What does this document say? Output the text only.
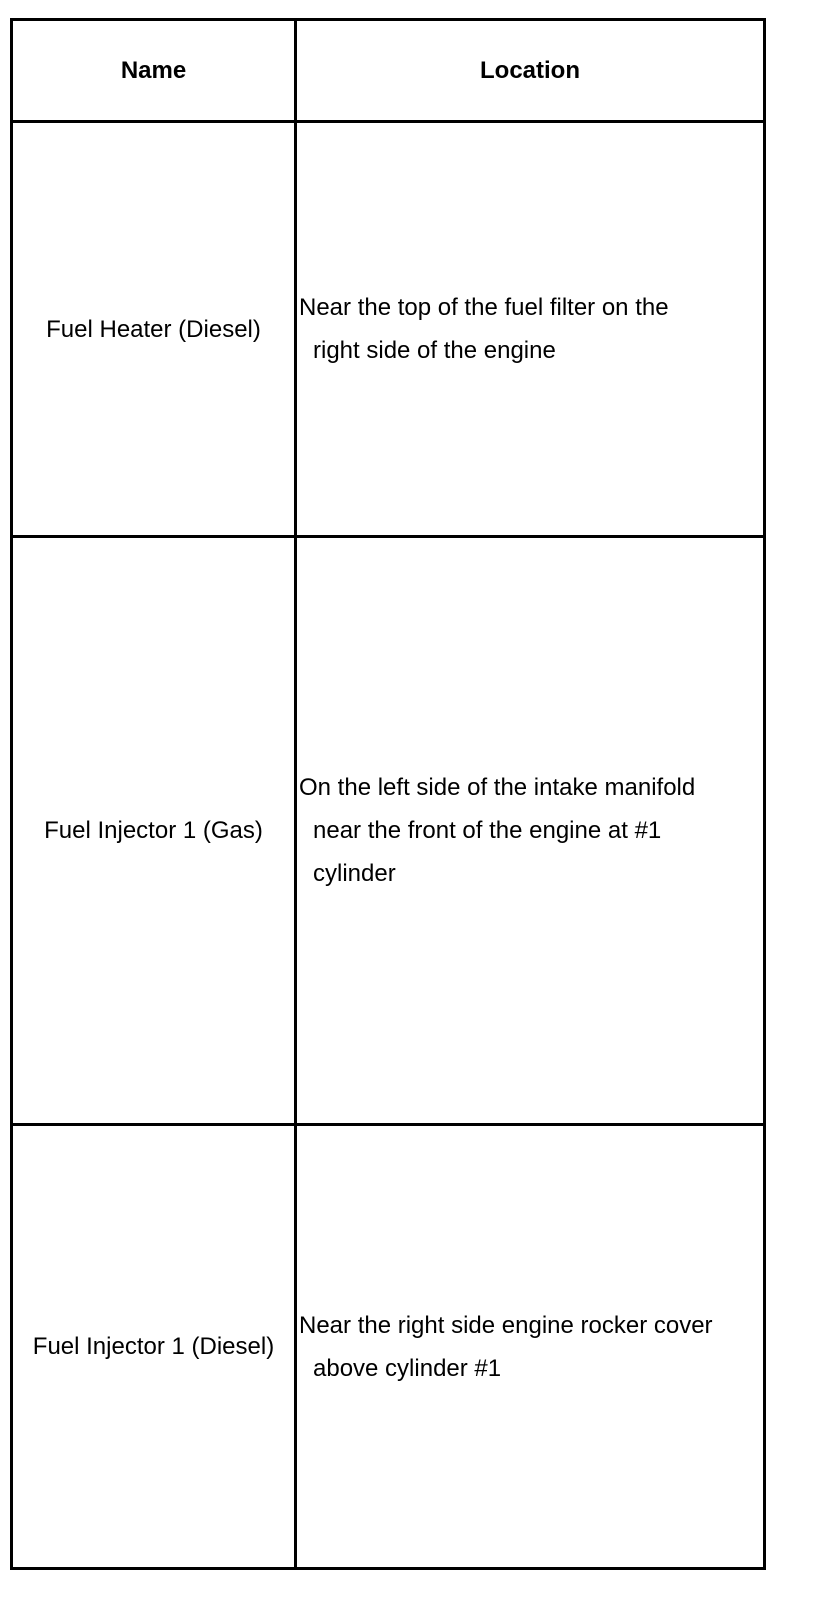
Name	Location
Fuel Heater (Diesel)
Near the top of the fuel filter on the
right side of the engine
Fuel Injector 1 (Gas)
On the left side of the intake manifold
near the front of the engine at #1
cylinder
Fuel Injector 1 (Diesel)
Near the right side engine rocker cover
above cylinder #1
